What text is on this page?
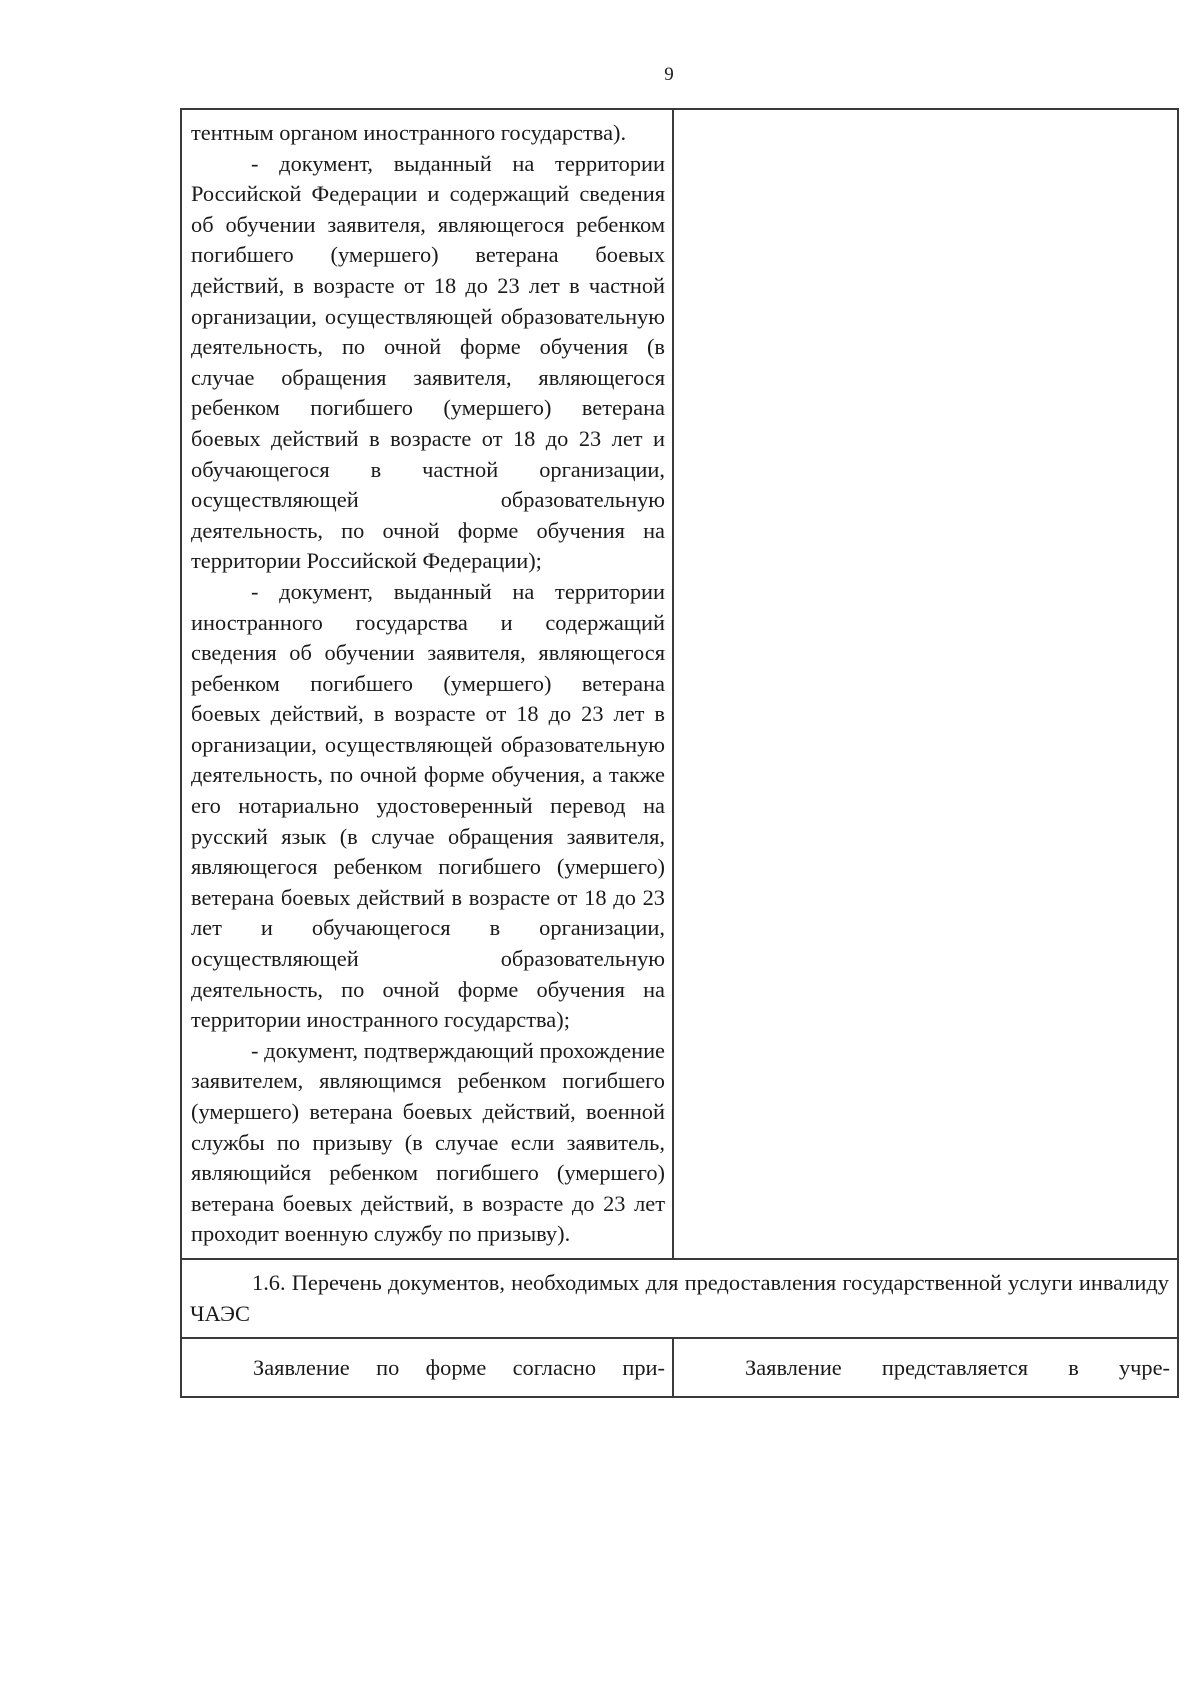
9

тентным органом иностранного государства).

- документ, выданный на территории Российской Федерации и содержащий сведения об обучении заявителя, являющегося ребенком погибшего (умершего) ветерана боевых действий, в возрасте от 18 до 23 лет в частной организации, осуществляющей образовательную деятельность, по очной форме обучения (в случае обращения заявителя, являющегося ребенком погибшего (умершего) ветерана боевых действий в возрасте от 18 до 23 лет и обучающегося в частной организации, осуществляющей образовательную деятельность, по очной форме обучения на территории Российской Федерации);

- документ, выданный на территории иностранного государства и содержащий сведения об обучении заявителя, являющегося ребенком погибшего (умершего) ветерана боевых действий, в возрасте от 18 до 23 лет в организации, осуществляющей образовательную деятельность, по очной форме обучения, а также его нотариально удостоверенный перевод на русский язык (в случае обращения заявителя, являющегося ребенком погибшего (умершего) ветерана боевых действий в возрасте от 18 до 23 лет и обучающегося в организации, осуществляющей образовательную деятельность, по очной форме обучения на территории иностранного государства);

- документ, подтверждающий прохождение заявителем, являющимся ребенком погибшего (умершего) ветерана боевых действий, военной службы по призыву (в случае если заявитель, являющийся ребенком погибшего (умершего) ветерана боевых действий, в возрасте до 23 лет проходит военную службу по призыву).	

1.6. Перечень документов, необходимых для предоставления государственной услуги инвалиду ЧАЭС	

Заявление по форме согласно при-	Заявление представляется в учре-
